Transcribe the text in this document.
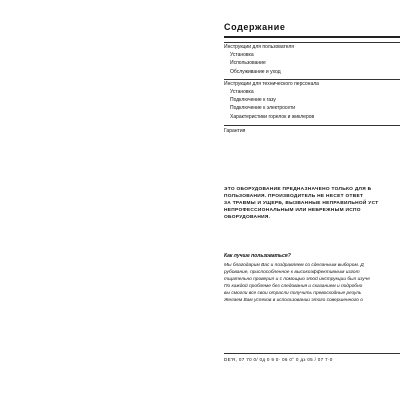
Содержание
Инструкции для пользователя
Установка
Использование
Обслуживание и уход
Инструкции для технического персонала
Установка
Подключение к газу
Подключение к электросети
Характеристики горелок и жиклеров
Гарантия
ЭТО ОБОРУДОВАНИЕ ПРЕДНАЗНАЧЕНО ТОЛЬКО ДЛЯ Б
ПОЛЬЗОВАНИЯ. ПРОИЗВОДИТЕЛЬ НЕ НЕСЕТ ОТВЕТ
ЗА ТРАВМЫ И УЩЕРБ, ВЫЗВАННЫЕ НЕПРАВИЛЬНОЙ УСТ
НЕПРОФЕССИОНАЛЬНЫМ ИЛИ НЕБРЕЖНЫМ ИСПО
ОБОРУДОВАНИЯ.
Как лучше пользоваться?
Мы благодарим Вас и поздравляем со сделанным выбором. Д
рубование, приспособленное к высокоэффективным изгот
тщательно проверил и с помощью этой инструкции был изуче
По каждой проблеме без следования и сказанием и подробно
вы смогли все свои отрасли получить превосходные резуль
Желаем Вам успехов в использовании этого совершенного о
DE'R, 07 70 0/ 0д 0 9 0· 06 0° 0 дз 05 / 07 7·0
